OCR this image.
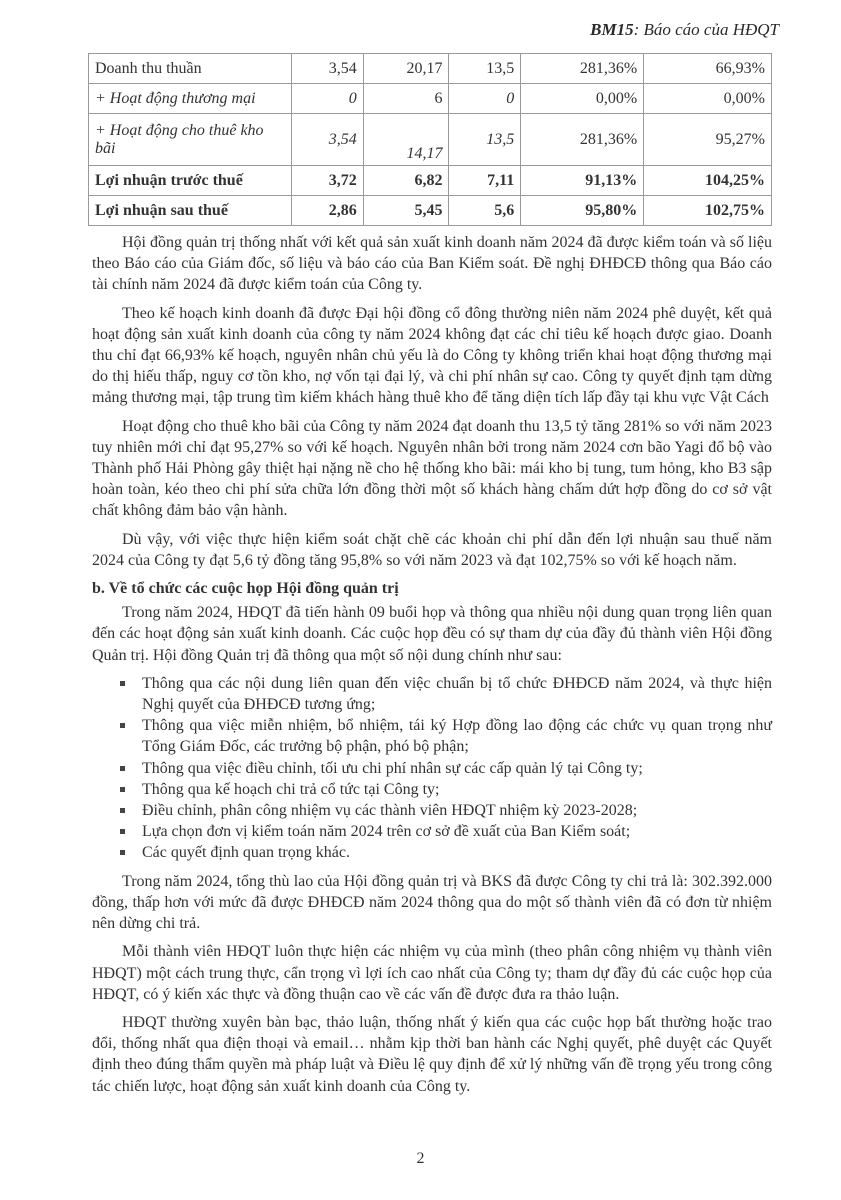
BM15: Báo cáo của HĐQT
Doanh thu thuần	3,54	20,17	13,5	281,36%	66,93%
+ Hoạt động thương mại	0	6	0	0,00%	0,00%
+ Hoạt động cho thuê kho bãi	3,54	14,17	13,5	281,36%	95,27%
Lợi nhuận trước thuế	3,72	6,82	7,11	91,13%	104,25%
Lợi nhuận sau thuế	2,86	5,45	5,6	95,80%	102,75%

Hội đồng quản trị thống nhất với kết quả sản xuất kinh doanh năm 2024 đã được kiểm toán và số liệu theo Báo cáo của Giám đốc, số liệu và báo cáo của Ban Kiểm soát. Đề nghị ĐHĐCĐ thông qua Báo cáo tài chính năm 2024 đã được kiểm toán của Công ty.

Theo kế hoạch kinh doanh đã được Đại hội đồng cổ đông thường niên năm 2024 phê duyệt, kết quả hoạt động sản xuất kinh doanh của công ty năm 2024 không đạt các chỉ tiêu kế hoạch được giao. Doanh thu chỉ đạt 66,93% kế hoạch, nguyên nhân chủ yếu là do Công ty không triển khai hoạt động thương mại do thị hiếu thấp, nguy cơ tồn kho, nợ vốn tại đại lý, và chi phí nhân sự cao. Công ty quyết định tạm dừng mảng thương mại, tập trung tìm kiếm khách hàng thuê kho để tăng diện tích lấp đầy tại khu vực Vật Cách

Hoạt động cho thuê kho bãi của Công ty năm 2024 đạt doanh thu 13,5 tỷ tăng 281% so với năm 2023 tuy nhiên mới chỉ đạt 95,27% so với kế hoạch. Nguyên nhân bởi trong năm 2024 cơn bão Yagi đổ bộ vào Thành phố Hải Phòng gây thiệt hại nặng nề cho hệ thống kho bãi: mái kho bị tung, tum hỏng, kho B3 sập hoàn toàn, kéo theo chi phí sửa chữa lớn đồng thời một số khách hàng chấm dứt hợp đồng do cơ sở vật chất không đảm bảo vận hành.

Dù vậy, với việc thực hiện kiểm soát chặt chẽ các khoản chi phí dẫn đến lợi nhuận sau thuế năm 2024 của Công ty đạt 5,6 tỷ đồng tăng 95,8% so với năm 2023 và đạt 102,75% so với kế hoạch năm.

b. Về tổ chức các cuộc họp Hội đồng quản trị

Trong năm 2024, HĐQT đã tiến hành 09 buổi họp và thông qua nhiều nội dung quan trọng liên quan đến các hoạt động sản xuất kinh doanh. Các cuộc họp đều có sự tham dự của đầy đủ thành viên Hội đồng Quản trị. Hội đồng Quản trị đã thông qua một số nội dung chính như sau:

Thông qua các nội dung liên quan đến việc chuẩn bị tổ chức ĐHĐCĐ năm 2024, và thực hiện Nghị quyết của ĐHĐCĐ tương ứng;
Thông qua việc miễn nhiệm, bổ nhiệm, tái ký Hợp đồng lao động các chức vụ quan trọng như Tổng Giám Đốc, các trưởng bộ phận, phó bộ phận;
Thông qua việc điều chỉnh, tối ưu chi phí nhân sự các cấp quản lý tại Công ty;
Thông qua kế hoạch chi trả cổ tức tại Công ty;
Điều chỉnh, phân công nhiệm vụ các thành viên HĐQT nhiệm kỳ 2023-2028;
Lựa chọn đơn vị kiểm toán năm 2024 trên cơ sở đề xuất của Ban Kiểm soát;
Các quyết định quan trọng khác.

Trong năm 2024, tổng thù lao của Hội đồng quản trị và BKS đã được Công ty chi trả là: 302.392.000 đồng, thấp hơn với mức đã được ĐHĐCĐ năm 2024 thông qua do một số thành viên đã có đơn từ nhiệm nên dừng chi trả.

Mỗi thành viên HĐQT luôn thực hiện các nhiệm vụ của mình (theo phân công nhiệm vụ thành viên HĐQT) một cách trung thực, cẩn trọng vì lợi ích cao nhất của Công ty; tham dự đầy đủ các cuộc họp của HĐQT, có ý kiến xác thực và đồng thuận cao về các vấn đề được đưa ra thảo luận.

HĐQT thường xuyên bàn bạc, thảo luận, thống nhất ý kiến qua các cuộc họp bất thường hoặc trao đổi, thống nhất qua điện thoại và email… nhằm kịp thời ban hành các Nghị quyết, phê duyệt các Quyết định theo đúng thẩm quyền mà pháp luật và Điều lệ quy định để xử lý những vấn đề trọng yếu trong công tác chiến lược, hoạt động sản xuất kinh doanh của Công ty.

2
